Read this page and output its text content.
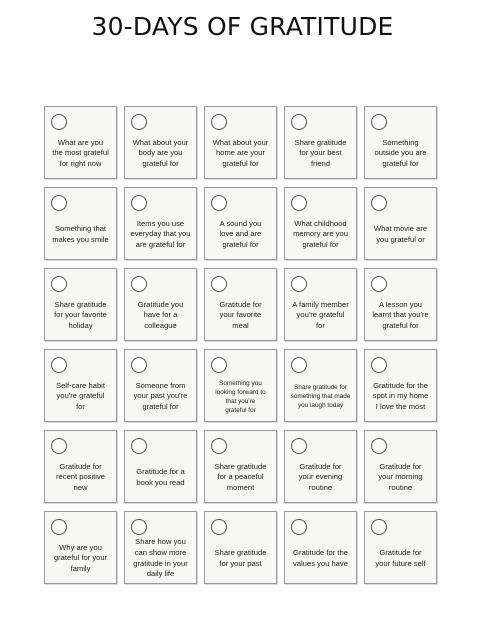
30-DAYS OF GRATITUDE
What are you
the most grateful
for right now
What about your
body are you
grateful for
What about your
home are your
grateful for
Share gratitude
for your best
friend
Something
outside you are
grateful for
Something that
makes you smile
Items you use
everyday that you
are grateful for
A sound you
love and are
grateful for
What childhood
memory are you
grateful for
What movie are
you grateful or
Share gratitude
for your favorite
holiday
Gratitude you
have for a
colleague
Gratitude for
your favorite
meal
A family member
you're grateful
for
A lesson you
learnt that you're
grateful for
Self-care habit
you're grateful
for
Someone from
your past you're
grateful for
Something you
looking forward to
that you're
grateful for
Share gratitude for
something that made
you laugh today
Gratitude for the
spot in my home
I love the most
Gratitude for
recent positive
new
Gratitude for a
book you read
Share gratitude
for a peaceful
moment
Gratitude for
your evening
routine
Gratitude for
your morning
routine
Why are you
grateful for your
family
Share how you
can show more
gratitude in your
daily life
Share gratitude
for your past
Gratitude for the
values you have
Gratitude for
your future self
